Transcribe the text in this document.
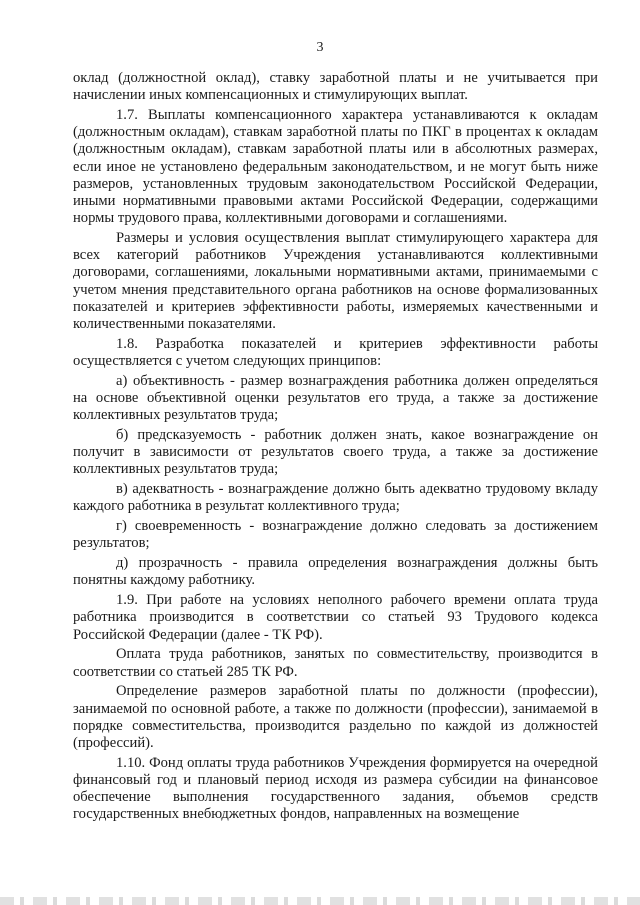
3

оклад (должностной оклад), ставку заработной платы и не учитывается при начислении иных компенсационных и стимулирующих выплат.

1.7. Выплаты компенсационного характера устанавливаются к окладам (должностным окладам), ставкам заработной платы по ПКГ в процентах к окладам (должностным окладам), ставкам заработной платы или в абсолютных размерах, если иное не установлено федеральным законодательством, и не могут быть ниже размеров, установленных трудовым законодательством Российской Федерации, иными нормативными правовыми актами Российской Федерации, содержащими нормы трудового права, коллективными договорами и соглашениями.

Размеры и условия осуществления выплат стимулирующего характера для всех категорий работников Учреждения устанавливаются коллективными договорами, соглашениями, локальными нормативными актами, принимаемыми с учетом мнения представительного органа работников на основе формализованных показателей и критериев эффективности работы, измеряемых качественными и количественными показателями.

1.8. Разработка показателей и критериев эффективности работы осуществляется с учетом следующих принципов:

а) объективность - размер вознаграждения работника должен определяться на основе объективной оценки результатов его труда, а также за достижение коллективных результатов труда;

б) предсказуемость - работник должен знать, какое вознаграждение он получит в зависимости от результатов своего труда, а также за достижение коллективных результатов труда;

в) адекватность - вознаграждение должно быть адекватно трудовому вкладу каждого работника в результат коллективного труда;

г) своевременность - вознаграждение должно следовать за достижением результатов;

д) прозрачность - правила определения вознаграждения должны быть понятны каждому работнику.

1.9. При работе на условиях неполного рабочего времени оплата труда работника производится в соответствии со статьей 93 Трудового кодекса Российской Федерации (далее - ТК РФ).

Оплата труда работников, занятых по совместительству, производится в соответствии со статьей 285 ТК РФ.

Определение размеров заработной платы по должности (профессии), занимаемой по основной работе, а также по должности (профессии), занимаемой в порядке совместительства, производится раздельно по каждой из должностей (профессий).

1.10. Фонд оплаты труда работников Учреждения формируется на очередной финансовый год и плановый период исходя из размера субсидии на финансовое обеспечение выполнения государственного задания, объемов средств государственных внебюджетных фондов, направленных на возмещение
